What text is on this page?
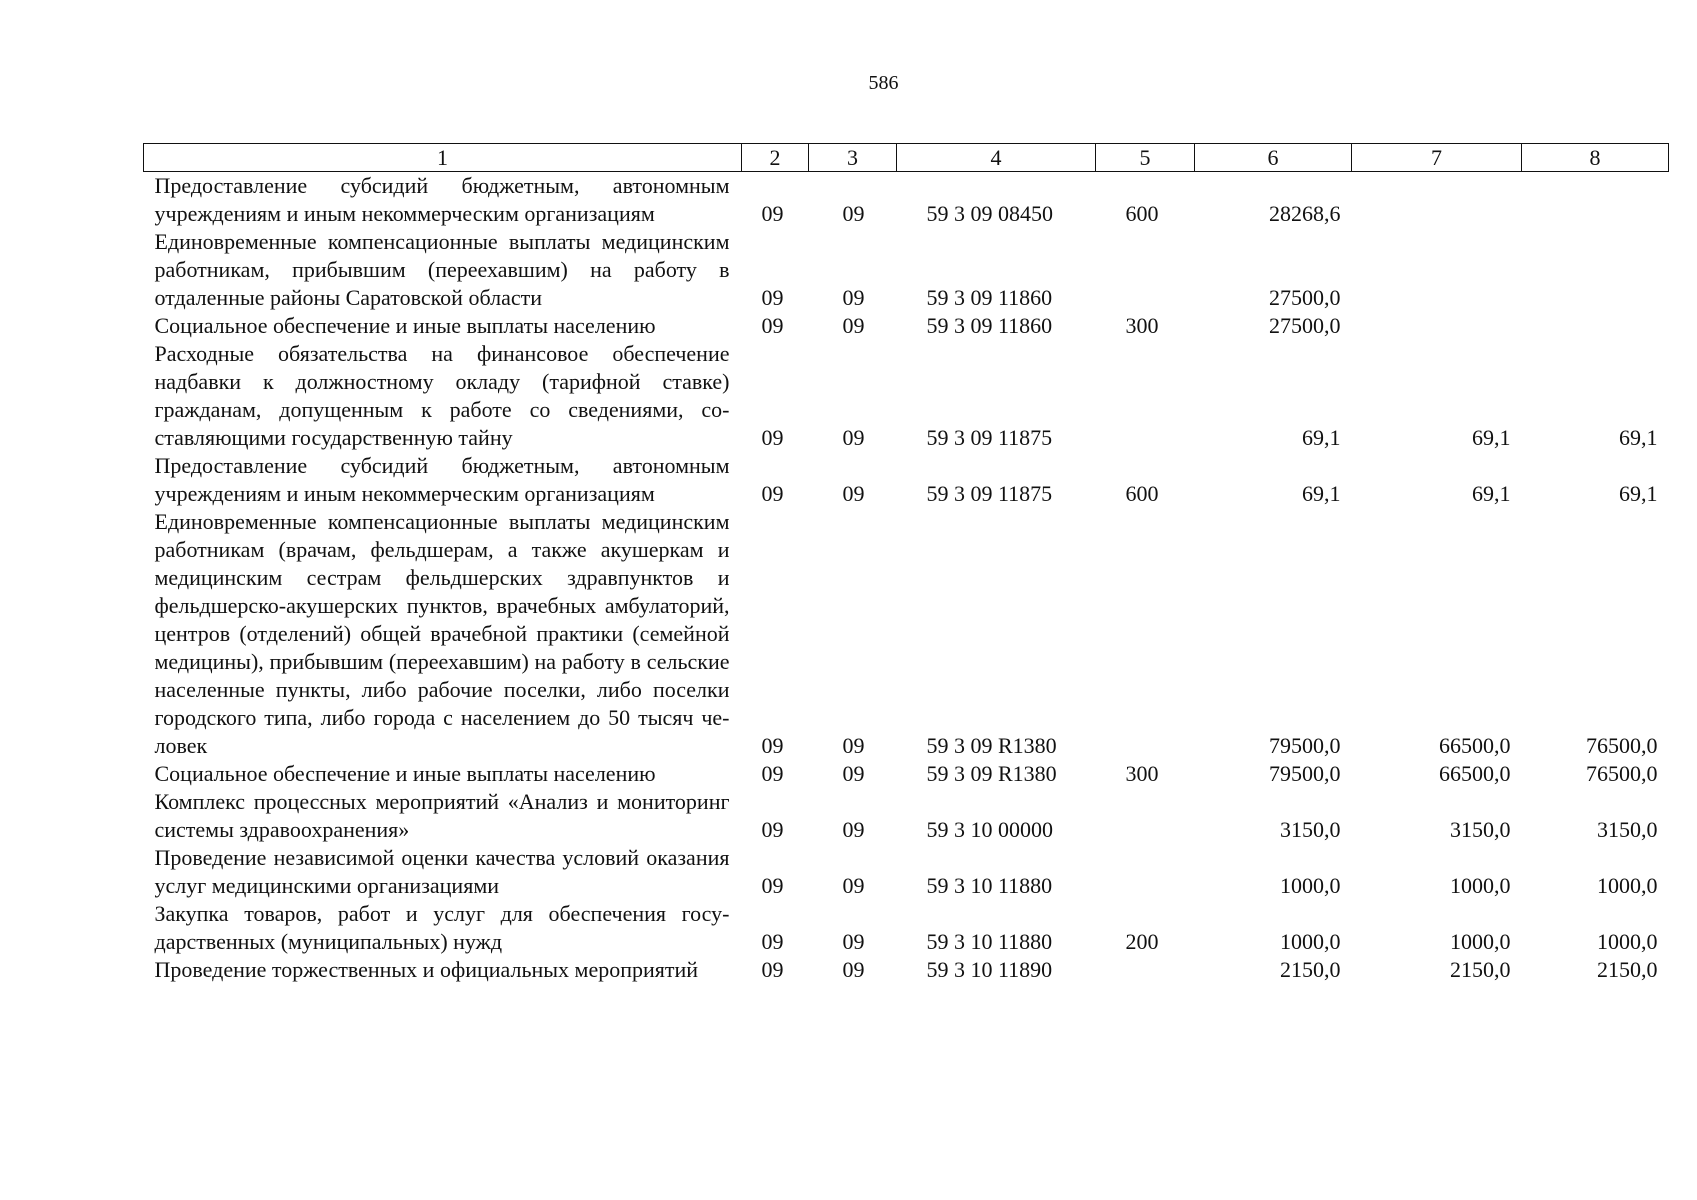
586
1	2	3	4	5	6	7	8
Предоставление субсидий бюджетным, автономным учреждениям и иным некоммерческим организациям	09	09	59 3 09 08450	600	28268,6		
Единовременные компенсационные выплаты медицинским работникам, прибывшим (переехавшим) на работу в отдаленные районы Саратовской области	09	09	59 3 09 11860		27500,0		
Социальное обеспечение и иные выплаты населению	09	09	59 3 09 11860	300	27500,0		
Расходные обязательства на финансовое обеспечение надбавки к должностному окладу (тарифной ставке) гражданам, допущенным к работе со сведениями, составляющими государственную тайну	09	09	59 3 09 11875		69,1	69,1	69,1
Предоставление субсидий бюджетным, автономным учреждениям и иным некоммерческим организациям	09	09	59 3 09 11875	600	69,1	69,1	69,1
Единовременные компенсационные выплаты медицинским работникам (врачам, фельдшерам, а также акушеркам и медицинским сестрам фельдшерских здравпунктов и фельдшерско-акушерских пунктов, врачебных амбулаторий, центров (отделений) общей врачебной практики (семейной медицины), прибывшим (переехавшим) на работу в сельские населенные пункты, либо рабочие поселки, либо поселки городского типа, либо города с населением до 50 тысяч человек	09	09	59 3 09 R1380		79500,0	66500,0	76500,0
Социальное обеспечение и иные выплаты населению	09	09	59 3 09 R1380	300	79500,0	66500,0	76500,0
Комплекс процессных мероприятий «Анализ и мониторинг системы здравоохранения»	09	09	59 3 10 00000		3150,0	3150,0	3150,0
Проведение независимой оценки качества условий оказания услуг медицинскими организациями	09	09	59 3 10 11880		1000,0	1000,0	1000,0
Закупка товаров, работ и услуг для обеспечения государственных (муниципальных) нужд	09	09	59 3 10 11880	200	1000,0	1000,0	1000,0
Проведение торжественных и официальных мероприятий	09	09	59 3 10 11890		2150,0	2150,0	2150,0
